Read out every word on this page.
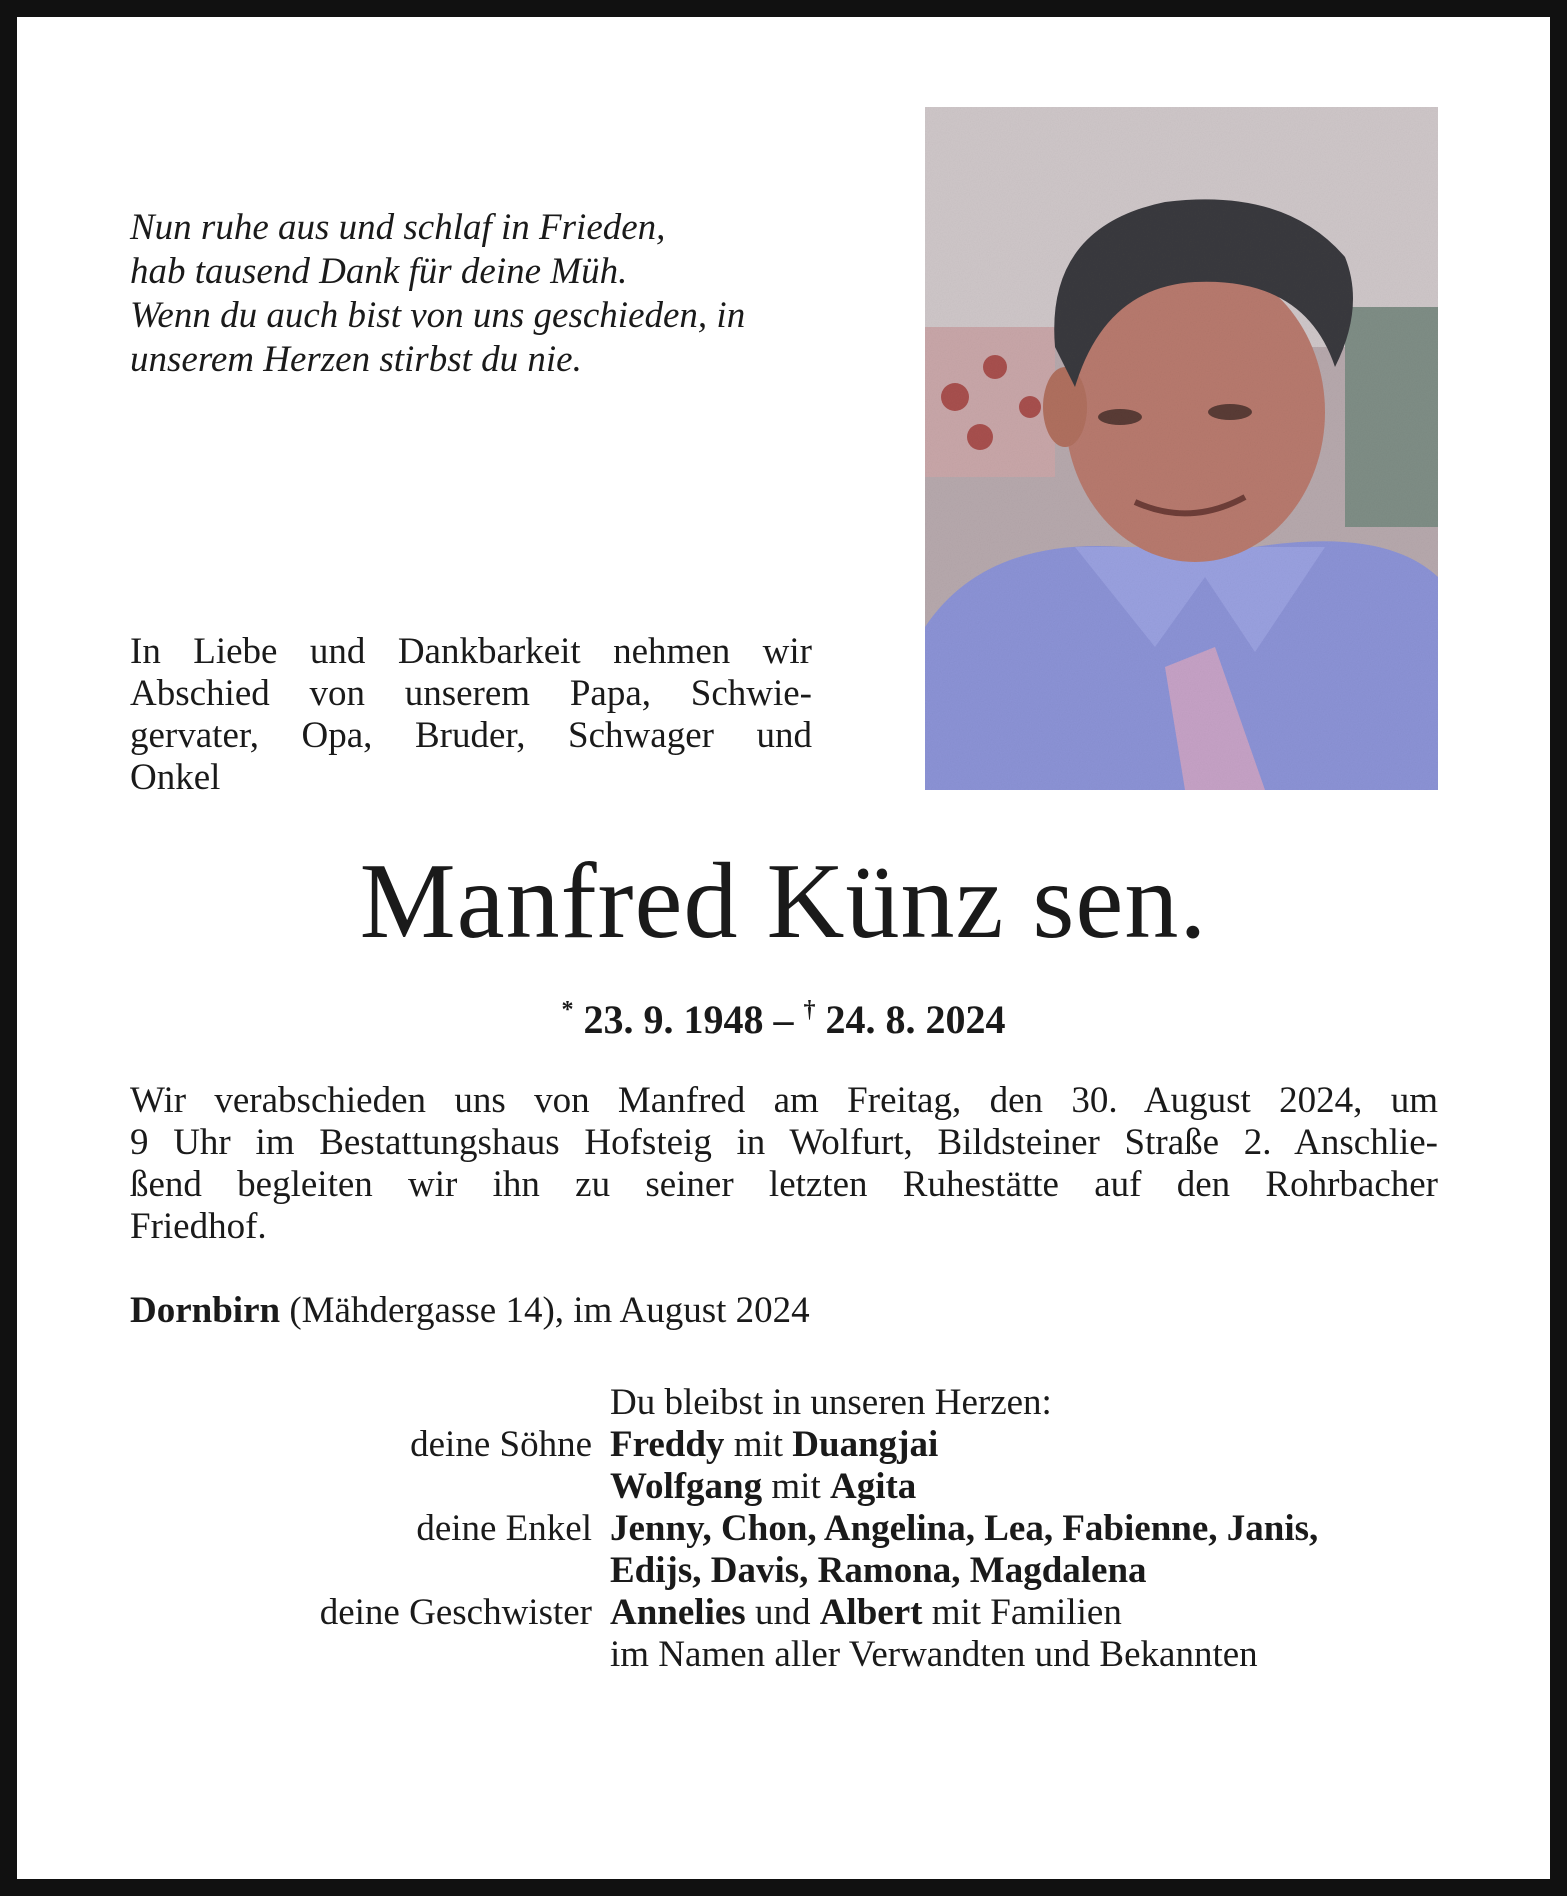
Nun ruhe aus und schlaf in Frieden,
hab tausend Dank für deine Müh.
Wenn du auch bist von uns geschieden, in
unserem Herzen stirbst du nie.

In Liebe und Dankbarkeit nehmen wir
Abschied von unserem Papa, Schwie-
gervater, Opa, Bruder, Schwager und
Onkel

Manfred Künz sen.
* 23. 9. 1948 – † 24. 8. 2024

Wir verabschieden uns von Manfred am Freitag, den 30. August 2024, um
9 Uhr im Bestattungshaus Hofsteig in Wolfurt, Bildsteiner Straße 2. Anschlie-
ßend begleiten wir ihn zu seiner letzten Ruhestätte auf den Rohrbacher
Friedhof.

Dornbirn (Mähdergasse 14), im August 2024
Du bleibst in unseren Herzen:
deine Söhne Freddy mit Duangjai
Wolfgang mit Agita
deine Enkel Jenny, Chon, Angelina, Lea, Fabienne, Janis,
Edijs, Davis, Ramona, Magdalena
deine Geschwister Annelies und Albert mit Familien
im Namen aller Verwandten und Bekannten
